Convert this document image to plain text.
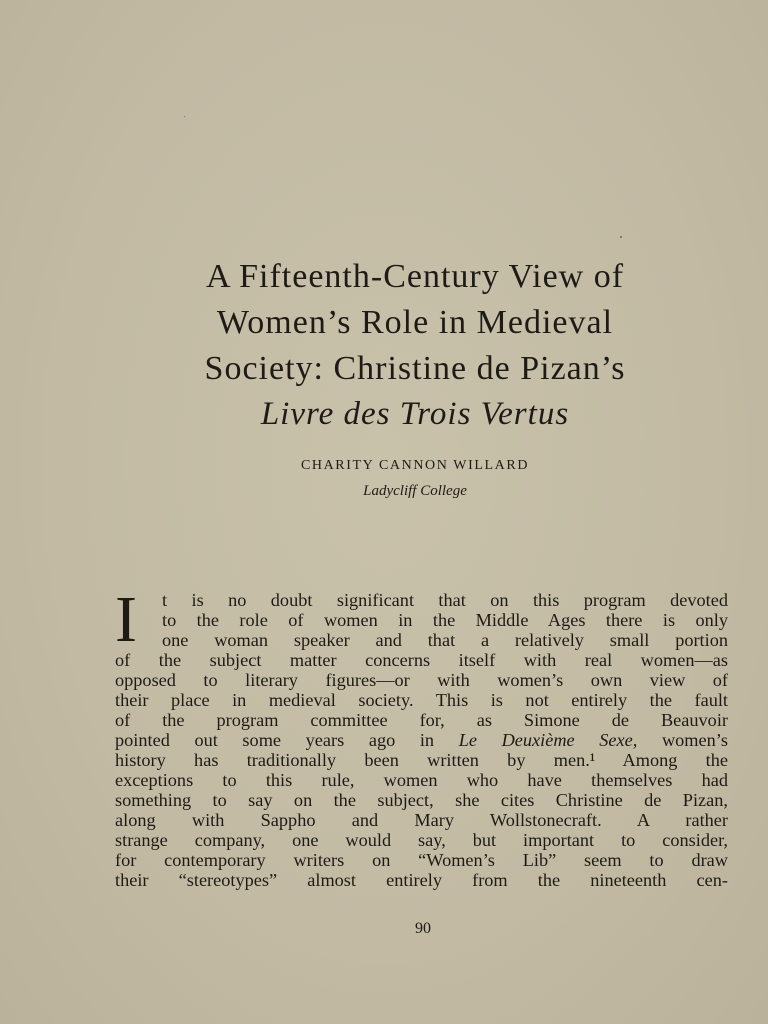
A Fifteenth-Century View of
Women’s Role in Medieval
Society: Christine de Pizan’s
Livre des Trois Vertus
CHARITY CANNON WILLARD
Ladycliff College
I	t is no doubt significant that on this program devoted
to the role of women in the Middle Ages there is only
one woman speaker and that a relatively small portion
of the subject matter concerns itself with real women—as
opposed to literary figures—or with women’s own view of
their place in medieval society. This is not entirely the fault
of the program committee for, as Simone de Beauvoir
pointed out some years ago in Le Deuxième Sexe, women’s
history has traditionally been written by men.¹ Among the
exceptions to this rule, women who have themselves had
something to say on the subject, she cites Christine de Pizan,
along with Sappho and Mary Wollstonecraft. A rather
strange company, one would say, but important to consider,
for contemporary writers on “Women’s Lib” seem to draw
their “stereotypes” almost entirely from the nineteenth cen-
90
